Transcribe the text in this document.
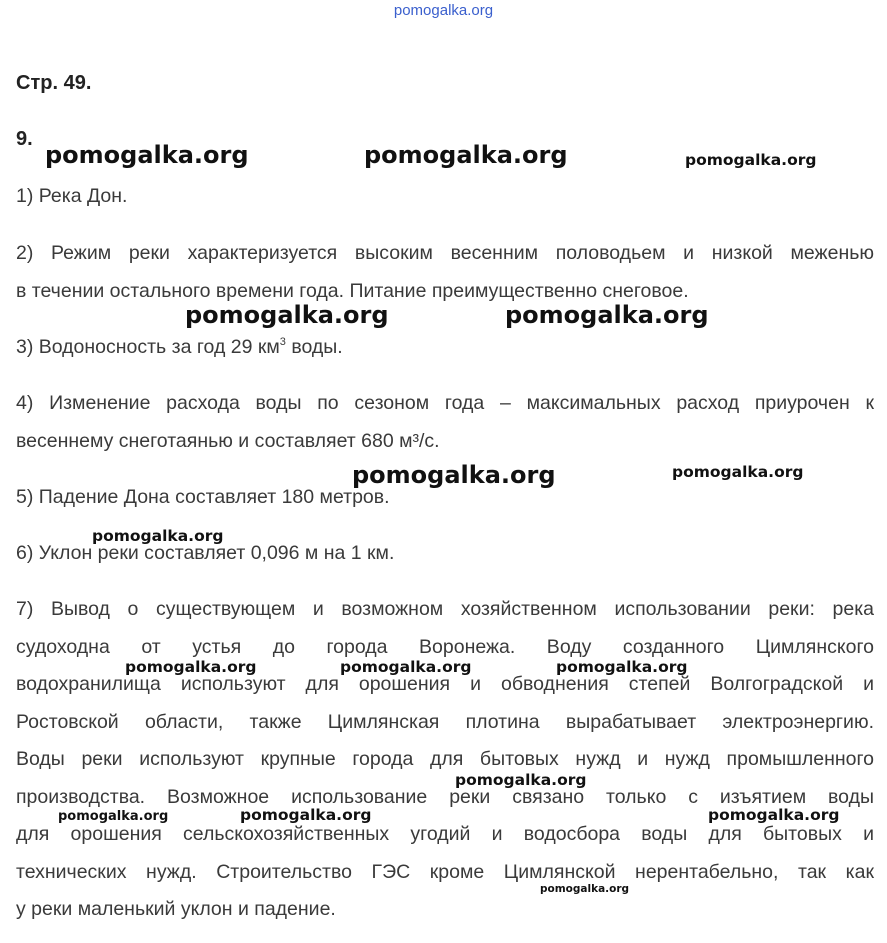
pomogalka.org
Стр. 49.
9.
1) Река Дон.
2) Режим реки характеризуется высоким весенним половодьем и низкой меженью
в течении остального времени года. Питание преимущественно снеговое.
3) Водоносность за год 29 $км^3$ воды.
4) Изменение расхода воды по сезоном года – максимальных расход приурочен к
весеннему снеготаянью и составляет 680 м³/с.
5) Падение Дона составляет 180 метров.
6) Уклон реки составляет 0,096 м на 1 км.
7) Вывод о существующем и возможном хозяйственном использовании реки: река
судоходна от устья до города Воронежа. Воду созданного Цимлянского
водохранилища используют для орошения и обводнения степей Волгоградской и
Ростовской области, также Цимлянская плотина вырабатывает электроэнергию.
Воды реки используют крупные города для бытовых нужд и нужд промышленного
производства. Возможное использование реки связано только с изъятием воды
для орошения сельскохозяйственных угодий и водосбора воды для бытовых и
технических нужд. Строительство ГЭС кроме Цимлянской нерентабельно, так как
у реки маленький уклон и падение.
pomogalka.org	pomogalka.org	pomogalka.org
pomogalka.org	pomogalka.org
pomogalka.org	pomogalka.org
pomogalka.org
pomogalka.org	pomogalka.org	pomogalka.org
pomogalka.org
pomogalka.org	pomogalka.org	pomogalka.org
pomogalka.org
